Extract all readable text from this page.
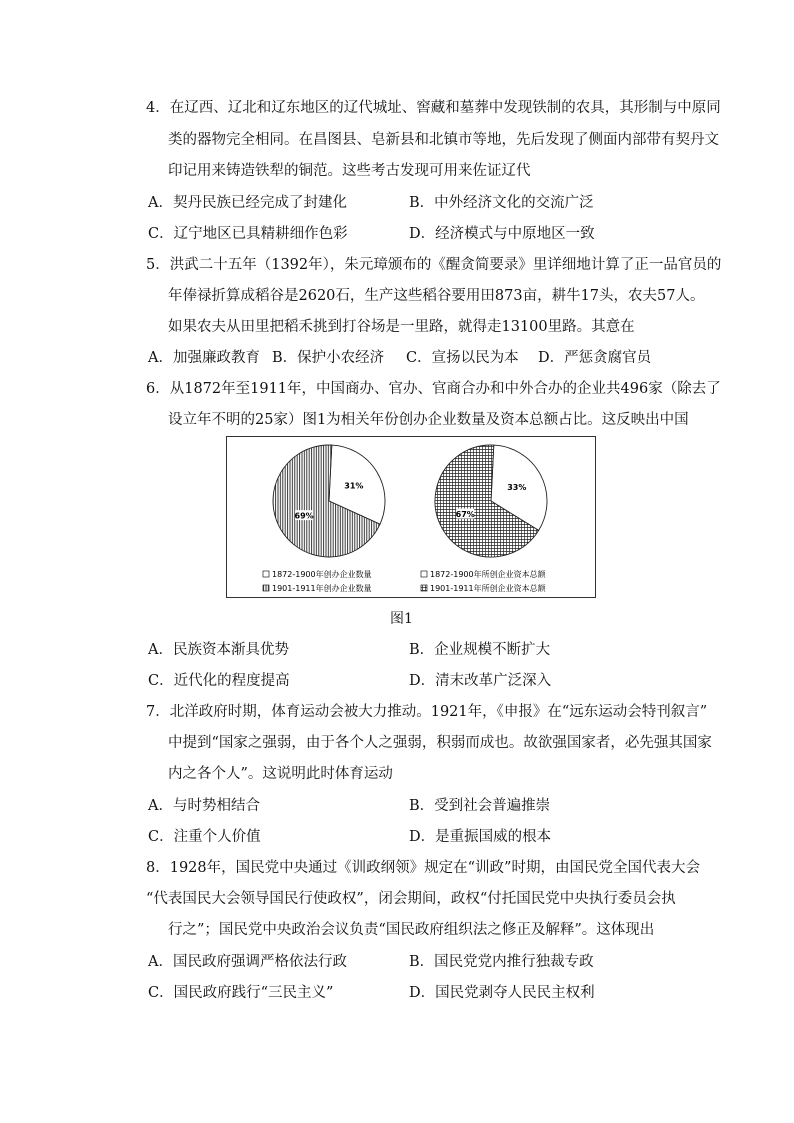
4．在辽西、辽北和辽东地区的辽代城址、窖藏和墓葬中发现铁制的农具，其形制与中原同
类的器物完全相同。在昌图县、皂新县和北镇市等地，先后发现了侧面内部带有契丹文
印记用来铸造铁犁的铜范。这些考古发现可用来佐证辽代
A．契丹民族已经完成了封建化	B．中外经济文化的交流广泛
C．辽宁地区已具精耕细作色彩	D．经济模式与中原地区一致
5．洪武二十五年（1392年），朱元璋颁布的《醒贪简要录》里详细地计算了正一品官员的
年俸禄折算成稻谷是2620石，生产这些稻谷要用田873亩，耕牛17头，农夫57人。
如果农夫从田里把稻禾挑到打谷场是一里路，就得走13100里路。其意在
A．加强廉政教育 B．保护小农经济 C．宣扬以民为本 D．严惩贪腐官员
6．从1872年至1911年，中国商办、官办、官商合办和中外合办的企业共496家（除去了
设立年不明的25家）图1为相关年份创办企业数量及资本总额占比。这反映出中国
31%
69%
33%
67%
1872-1900年创办企业数量
1901-1911年创办企业数量
1872-1900年所创企业资本总额
1901-1911年所创企业资本总额
图1
A．民族资本渐具优势	B．企业规模不断扩大
C．近代化的程度提高	D．清末改革广泛深入
7．北洋政府时期，体育运动会被大力推动。1921年，《申报》在“远东运动会特刊叙言”
中提到“国家之强弱，由于各个人之强弱，积弱而成也。故欲强国家者，必先强其国家
内之各个人”。这说明此时体育运动
A．与时势相结合	B．受到社会普遍推崇
C．注重个人价值	D．是重振国威的根本
8．1928年，国民党中央通过《训政纲领》规定在“训政”时期，由国民党全国代表大会
“代表国民大会领导国民行使政权”，闭会期间，政权“付托国民党中央执行委员会执
行之”；国民党中央政治会议负责“国民政府组织法之修正及解释”。这体现出
A．国民政府强调严格依法行政	B．国民党党内推行独裁专政
C．国民政府践行“三民主义”	D．国民党剥夺人民民主权利
